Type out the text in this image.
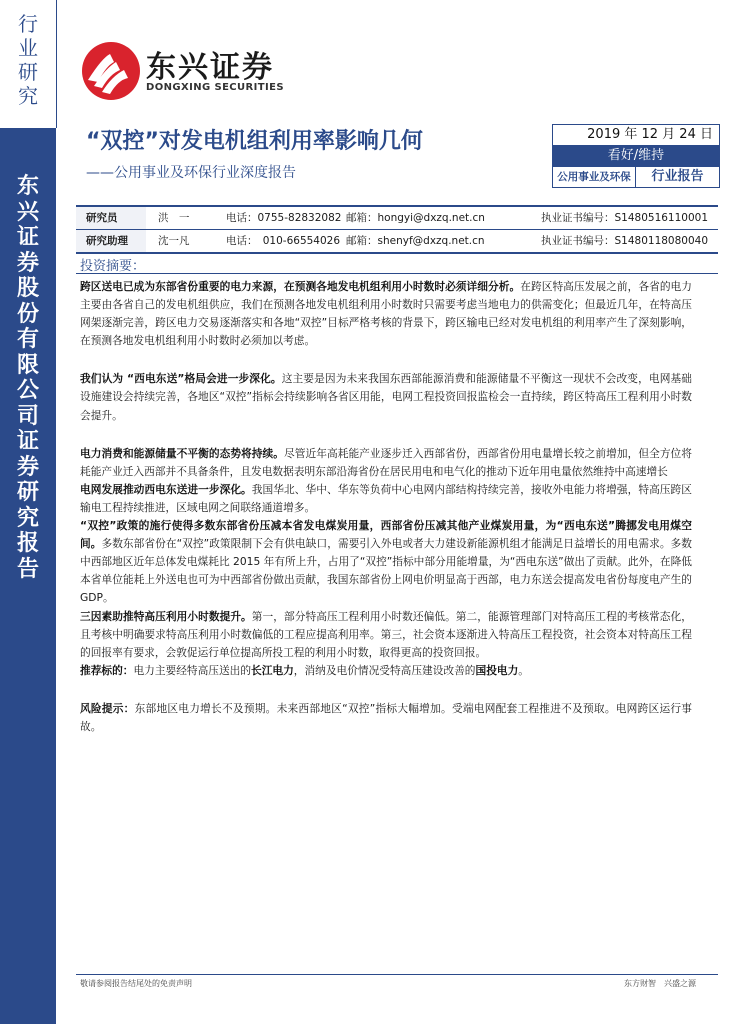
行业研究
东兴证券股份有限公司证券研究报告
东兴证券
DONGXING SECURITIES
“双控”对发电机组利用率影响几何
——公用事业及环保行业深度报告
2019 年 12 月 24 日
看好/维持
公用事业及环保	行业报告
研究员	洪　一	电话：0755-82832082 邮箱：hongyi@dxzq.net.cn	执业证书编号：S1480516110001
研究助理	沈一凡	电话：　010-66554026 邮箱：shenyf@dxzq.net.cn	执业证书编号：S1480118080040
投资摘要：

跨区送电已成为东部省份重要的电力来源，在预测各地发电机组利用小时数时必须详细分析。在跨区特高压发展之前，各省的电力主要由各省自己的发电机组供应，我们在预测各地发电机组利用小时数时只需要考虑当地电力的供需变化；但最近几年，在特高压网架逐渐完善，跨区电力交易逐渐落实和各地“双控”目标严格考核的背景下，跨区输电已经对发电机组的利用率产生了深刻影响，在预测各地发电机组利用小时数时必须加以考虑。

我们认为 “西电东送”格局会进一步深化。这主要是因为未来我国东西部能源消费和能源储量不平衡这一现状不会改变，电网基础设施建设会持续完善，各地区“双控”指标会持续影响各省区用能，电网工程投资回报监检会一直持续，跨区特高压工程利用小时数会提升。

电力消费和能源储量不平衡的态势将持续。尽管近年高耗能产业逐步迁入西部省份，西部省份用电量增长较之前增加，但全方位将耗能产业迁入西部并不具备条件，且发电数据表明东部沿海省份在居民用电和电气化的推动下近年用电量依然维持中高速增长

电网发展推动西电东送进一步深化。我国华北、华中、华东等负荷中心电网内部结构持续完善，接收外电能力将增强，特高压跨区输电工程持续推进，区域电网之间联络通道增多。

“双控”政策的施行使得多数东部省份压减本省发电煤炭用量，西部省份压减其他产业煤炭用量，为“西电东送”腾挪发电用煤空间。多数东部省份在“双控”政策限制下会有供电缺口，需要引入外电或者大力建设新能源机组才能满足日益增长的用电需求。多数中西部地区近年总体发电煤耗比 2015 年有所上升，占用了“双控”指标中部分用能增量，为“西电东送”做出了贡献。此外，在降低本省单位能耗上外送电也可为中西部省份做出贡献，我国东部省份上网电价明显高于西部，电力东送会提高发电省份每度电产生的 GDP。

三因素助推特高压利用小时数提升。第一，部分特高压工程利用小时数还偏低。第二，能源管理部门对特高压工程的考核常态化，且考核中明确要求特高压利用小时数偏低的工程应提高利用率。第三，社会资本逐渐进入特高压工程投资，社会资本对特高压工程的回报率有要求，会敦促运行单位提高所投工程的利用小时数，取得更高的投资回报。

推荐标的：电力主要经特高压送出的长江电力，消纳及电价情况受特高压建设改善的国投电力。

风险提示：东部地区电力增长不及预期。未来西部地区“双控”指标大幅增加。受端电网配套工程推进不及预取。电网跨区运行事故。

敬请参阅报告结尾处的免责声明	东方财智　兴盛之源
